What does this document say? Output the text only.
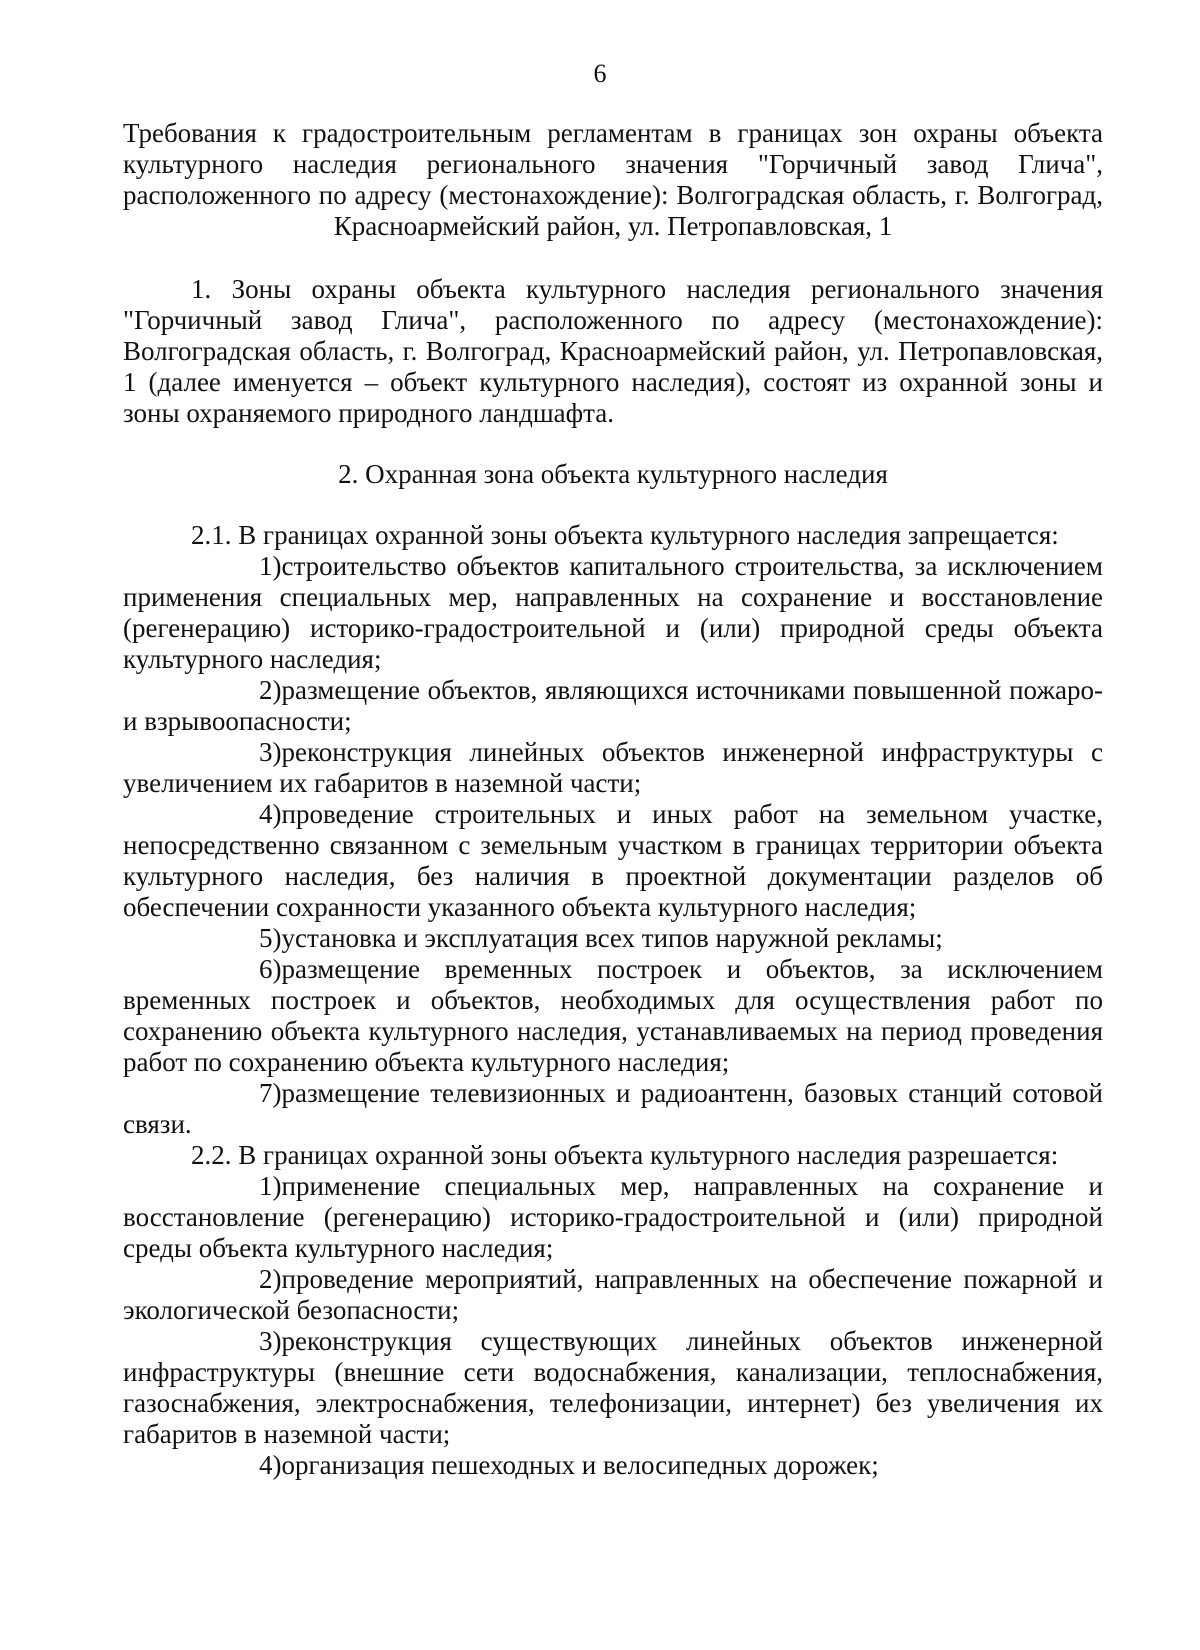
6

Требования к градостроительным регламентам в границах зон охраны объекта культурного наследия регионального значения "Горчичный завод Глича", расположенного по адресу (местонахождение): Волгоградская область, г. Волгоград, Красноармейский район, ул. Петропавловская, 1

1. Зоны охраны объекта культурного наследия регионального значения "Горчичный завод Глича", расположенного по адресу (местонахождение): Волгоградская область, г. Волгоград, Красноармейский район, ул. Петропавловская, 1 (далее именуется – объект культурного наследия), состоят из охранной зоны и зоны охраняемого природного ландшафта.

2. Охранная зона объекта культурного наследия

2.1. В границах охранной зоны объекта культурного наследия запрещается:

1)строительство объектов капитального строительства, за исключением применения специальных мер, направленных на сохранение и восстановление (регенерацию) историко-градостроительной и (или) природной среды объекта культурного наследия;

2)размещение объектов, являющихся источниками повышенной пожаро- и взрывоопасности;

3)реконструкция линейных объектов инженерной инфраструктуры с увеличением их габаритов в наземной части;

4)проведение строительных и иных работ на земельном участке, непосредственно связанном с земельным участком в границах территории объекта культурного наследия, без наличия в проектной документации разделов об обеспечении сохранности указанного объекта культурного наследия;

5)установка и эксплуатация всех типов наружной рекламы;

6)размещение временных построек и объектов, за исключением временных построек и объектов, необходимых для осуществления работ по сохранению объекта культурного наследия, устанавливаемых на период проведения работ по сохранению объекта культурного наследия;

7)размещение телевизионных и радиоантенн, базовых станций сотовой связи.

2.2. В границах охранной зоны объекта культурного наследия разрешается:

1)применение специальных мер, направленных на сохранение и восстановление (регенерацию) историко-градостроительной и (или) природной среды объекта культурного наследия;

2)проведение мероприятий, направленных на обеспечение пожарной и экологической безопасности;

3)реконструкция существующих линейных объектов инженерной инфраструктуры (внешние сети водоснабжения, канализации, теплоснабжения, газоснабжения, электроснабжения, телефонизации, интернет) без увеличения их габаритов в наземной части;

4)организация пешеходных и велосипедных дорожек;
